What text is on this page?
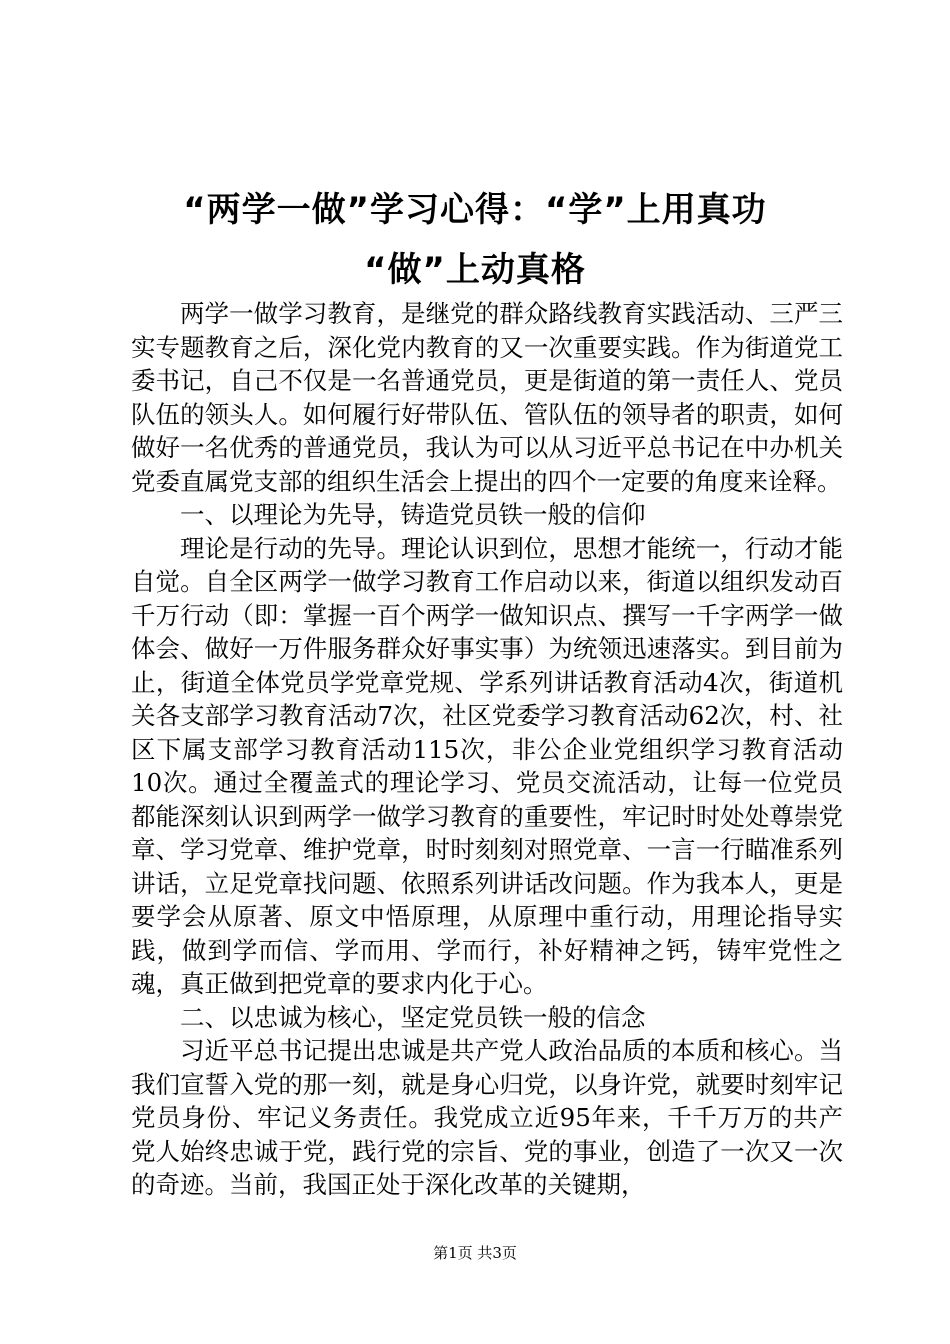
“两学一做”学习心得：“学”上用真功
“做”上动真格

两学一做学习教育，是继党的群众路线教育实践活动、三严三实专题教育之后，深化党内教育的又一次重要实践。作为街道党工委书记，自己不仅是一名普通党员，更是街道的第一责任人、党员队伍的领头人。如何履行好带队伍、管队伍的领导者的职责，如何做好一名优秀的普通党员，我认为可以从习近平总书记在中办机关党委直属党支部的组织生活会上提出的四个一定要的角度来诠释。

一、以理论为先导，铸造党员铁一般的信仰

理论是行动的先导。理论认识到位，思想才能统一，行动才能自觉。自全区两学一做学习教育工作启动以来，街道以组织发动百千万行动（即：掌握一百个两学一做知识点、撰写一千字两学一做体会、做好一万件服务群众好事实事）为统领迅速落实。到目前为止，街道全体党员学党章党规、学系列讲话教育活动4次，街道机关各支部学习教育活动7次，社区党委学习教育活动62次，村、社区下属支部学习教育活动115次，非公企业党组织学习教育活动10次。通过全覆盖式的理论学习、党员交流活动，让每一位党员都能深刻认识到两学一做学习教育的重要性，牢记时时处处尊崇党章、学习党章、维护党章，时时刻刻对照党章、一言一行瞄准系列讲话，立足党章找问题、依照系列讲话改问题。作为我本人，更是要学会从原著、原文中悟原理，从原理中重行动，用理论指导实践，做到学而信、学而用、学而行，补好精神之钙，铸牢党性之魂，真正做到把党章的要求内化于心。

二、以忠诚为核心，坚定党员铁一般的信念

习近平总书记提出忠诚是共产党人政治品质的本质和核心。当我们宣誓入党的那一刻，就是身心归党，以身许党，就要时刻牢记党员身份、牢记义务责任。我党成立近95年来，千千万万的共产党人始终忠诚于党，践行党的宗旨、党的事业，创造了一次又一次的奇迹。当前，我国正处于深化改革的关键期，

第1页 共3页
